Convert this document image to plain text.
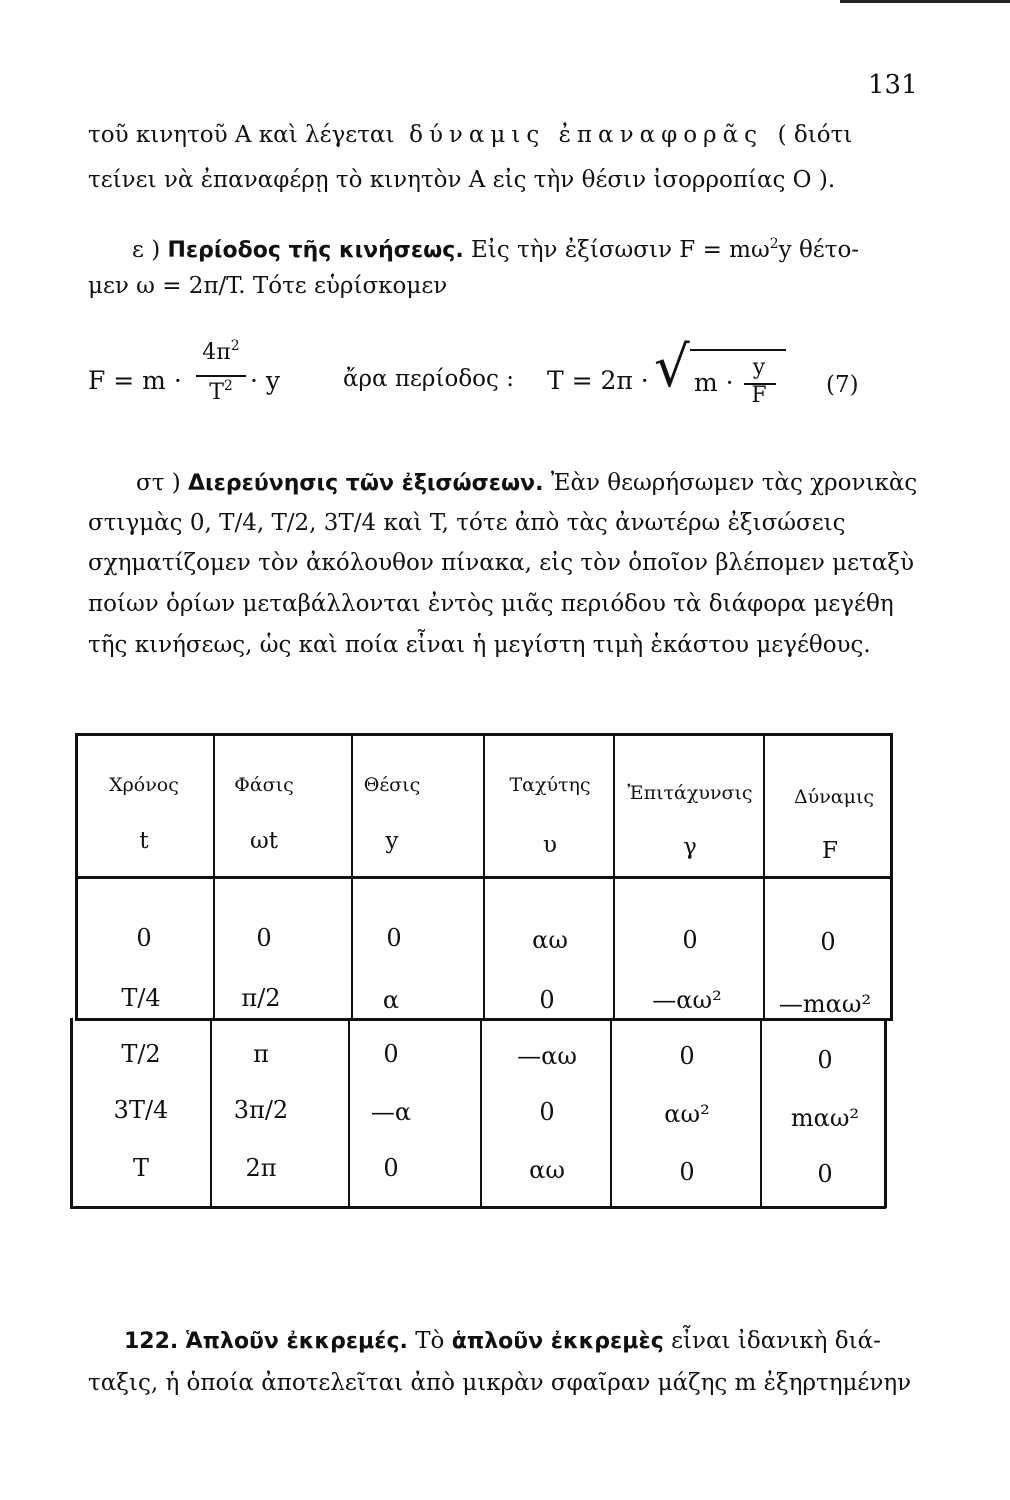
131
τοῦ κινητοῦ Α καὶ λέγεται δύναμις ἐπαναφορᾶς ( διότι
τείνει νὰ ἐπαναφέρῃ τὸ κινητὸν Α εἰς τὴν θέσιν ἰσορροπίας Ο ).
ε ) Περίοδος τῆς κινήσεως. Εἰς τὴν ἐξίσωσιν $F = m\omega^2y$ θέτο-
μεν ω = 2π/T. Τότε εὑρίσκομεν
F = m ·
$4\pi^2$
$T^2 \cdot y$	ἄρα περίοδος : T = 2π · √ m ·
y
F	(7)
στ ) Διερεύνησις τῶν ἐξισώσεων. Ἐὰν θεωρήσωμεν τὰς χρονικὰς
στιγμὰς 0, T/4, T/2, 3T/4 καὶ T, τότε ἀπὸ τὰς ἀνωτέρω ἐξισώσεις
σχηματίζομεν τὸν ἀκόλουθον πίνακα, εἰς τὸν ὁποῖον βλέπομεν μεταξὺ
ποίων ὁρίων μεταβάλλονται ἐντὸς μιᾶς περιόδου τὰ διάφορα μεγέθη
τῆς κινήσεως, ὡς καὶ ποία εἶναι ἡ μεγίστη τιμὴ ἑκάστου μεγέθους.
Χρόνος	Φάσις	Θέσις	Ταχύτης	Ἐπιτάχυνσις	Δύναμις
t	ωt	y	υ	γ	F
0	0	0	αω	0	0
T/4	π/2	α	0	—αω²	—mαω²
T/2	π	0	—αω	0	0
3T/4	3π/2	—α	0	αω²	mαω²
T	2π	0	αω	0	0
122. Ἁπλοῦν ἐκκρεμές. Τὸ ἁπλοῦν ἐκκρεμὲς εἶναι ἰδανικὴ διά-
ταξις, ἡ ὁποία ἀποτελεῖται ἀπὸ μικρὰν σφαῖραν μάζης m ἐξηρτημένην
